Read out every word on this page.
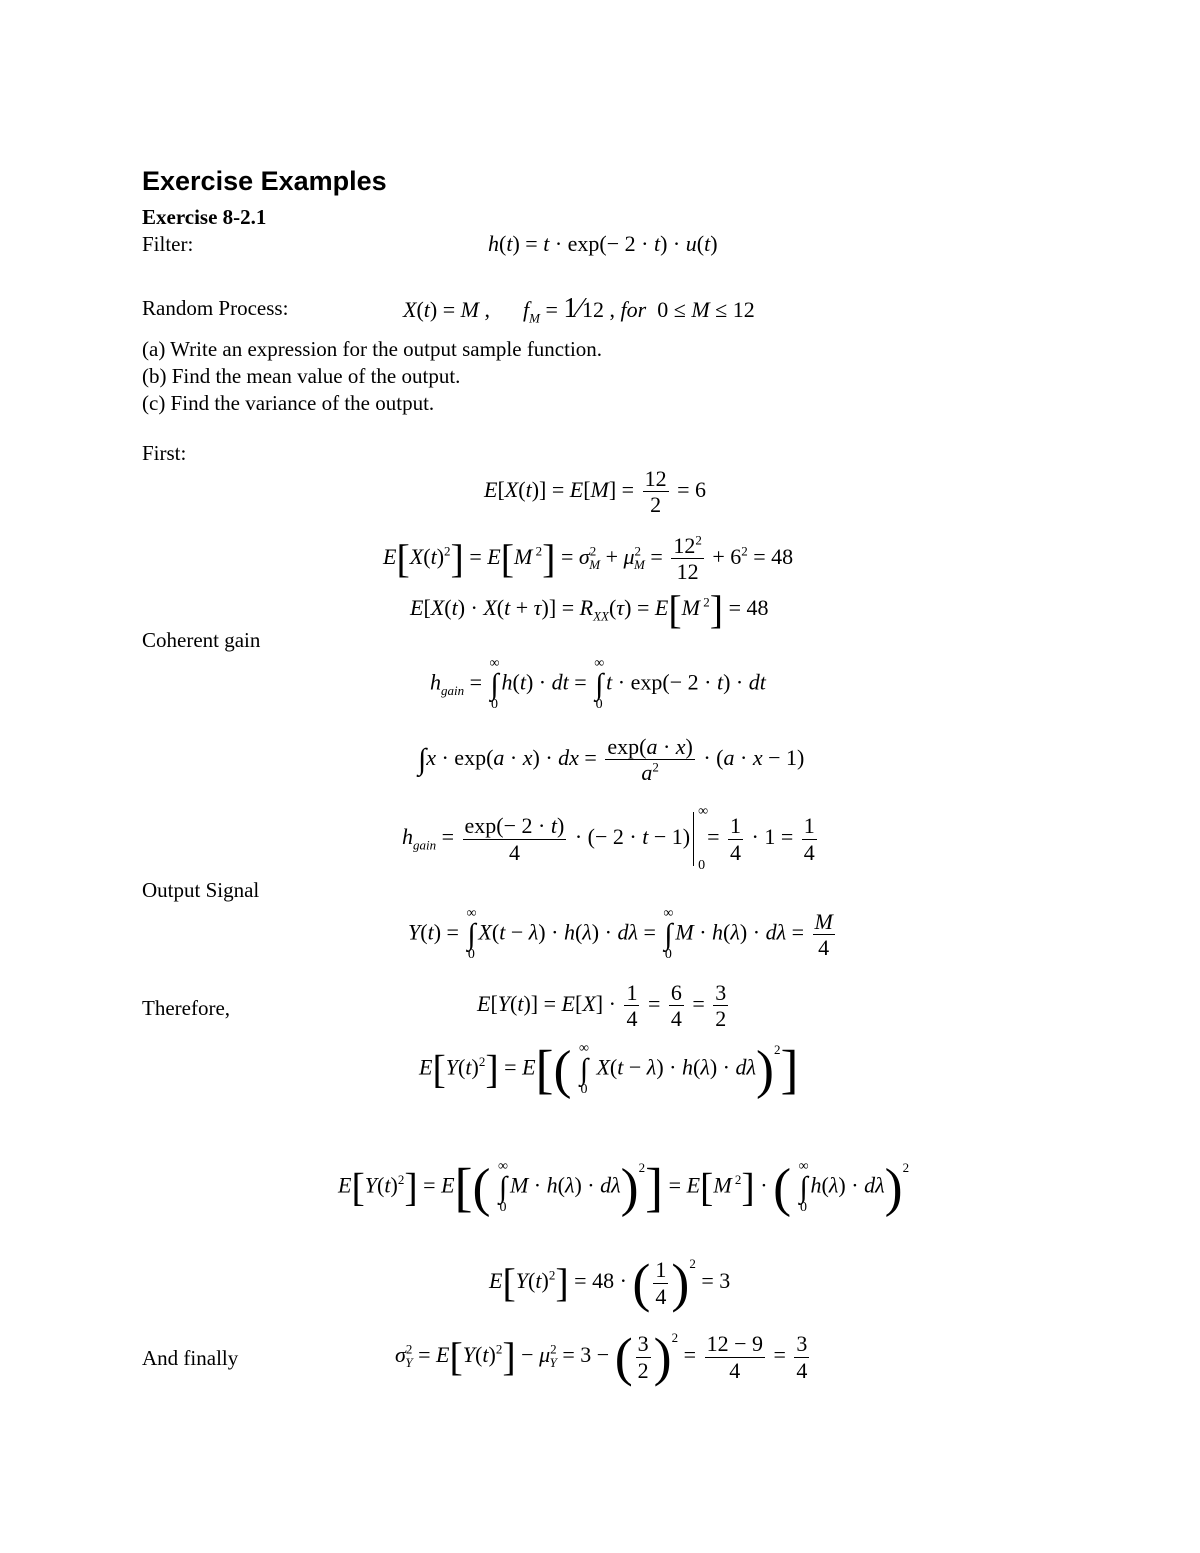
Exercise Examples
Exercise 8-2.1
Filter:	h(t) = t · exp(− 2 · t) · u(t)
Random Process:	X(t) = M ,      $f_M$ = 1⁄12 , for  0 ≤ M ≤ 12
(a) Write an expression for the output sample function.
(b) Find the mean value of the output.
(c) Find the variance of the output.
First:
$E[X(t)] = E[M] = \frac{12}{2} = 6$
$E[X(t)^2] = E[M$ $^2] = \sigma^2_M + \mu^2_M = \frac{12^2}{12} + 6^2 = 48$
$E[X(t) \cdot X(t + \tau)] = R_{XX}(\tau) = E[M$ $^2$] = 48
Coherent gain
$h_{gain}$ = ∞
∫
0h(t) · dt = ∞
∫
0t · exp(− 2 · t) · dt
∫x · exp(a · x) · dx = $\frac{\exp(a \cdot x)}{a^2} \cdot (a \cdot x - 1)$
$h_{gain} = \frac{\exp(- 2 \cdot t)}{4}$ · (− 2 · t − 1)
∞
0
= $\frac{1}{4} \cdot 1 = \frac{1}{4}$
Output Signal
Y(t) = ∞
∫
0X(t − λ) · h(λ) · dλ = ∞
∫
$0M \cdot h(\lambda) \cdot d\lambda = \frac{M}{4}$
Therefore,	$E[Y(t)] = E[X] \cdot \frac{1}{4} = \frac{6}{4} = \frac{3}{2}$
$E[Y(t)^2] = E$[( ∞
∫
0 X(t − λ) · h(λ) · dλ)$^2$]
$E[Y(t)^2] = E$[( ∞
∫
0M · h(λ) · dλ)$^2$] = E[M $^2$] · ( ∞
∫
0h(λ) · dλ)$^2$
$E[Y(t)^2] = 48$ · ( $\frac{1}{4} )^2 = 3$
And finally	$\sigma^2_Y = E[Y(t)^2] - \mu^2_Y = 3$ − ( $\frac{3}{2} )^2 = \frac{12 - 9}{4} = \frac{3}{4}$
